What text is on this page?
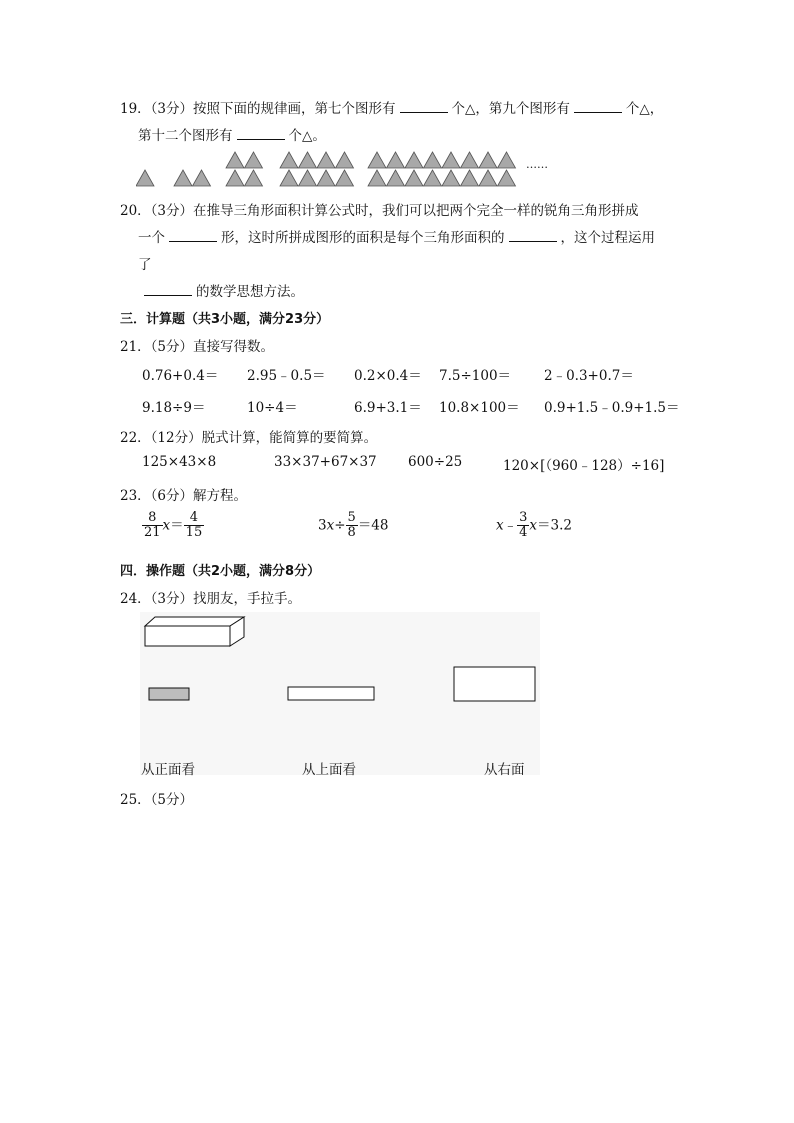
19．（3分）按照下面的规律画，第七个图形有	个△，第九个图形有	个△，
第十二个图形有	个△。
……
20．（3分）在推导三角形面积计算公式时，我们可以把两个完全一样的锐角三角形拼成
一个	形，这时所拼成图形的面积是每个三角形面积的	，这个过程运用
了
的数学思想方法。
三．计算题（共3小题，满分23分）
21．（5分）直接写得数。
0.76+0.4＝ 2.95﹣0.5＝ 0.2×0.4＝ 7.5÷100＝ 2﹣0.3+0.7＝
9.18÷9＝	10÷4＝	6.9+3.1＝ 10.8×100＝ 0.9+1.5﹣0.9+1.5＝
22．（12分）脱式计算，能简算的要简算。
125×43×8	33×37+67×37 600÷25	120×[（960﹣128）÷16]
23．（6分）解方程。
$\frac{8}{21} x= \frac{4}{15}$	$3x\div \frac{5}{8} =48$	x﹣ $\frac{3}{4} x=3.2$
四．操作题（共2小题，满分8分）
24．（3分）找朋友，手拉手。
从正面看	从上面看	从右面
25．（5分）
